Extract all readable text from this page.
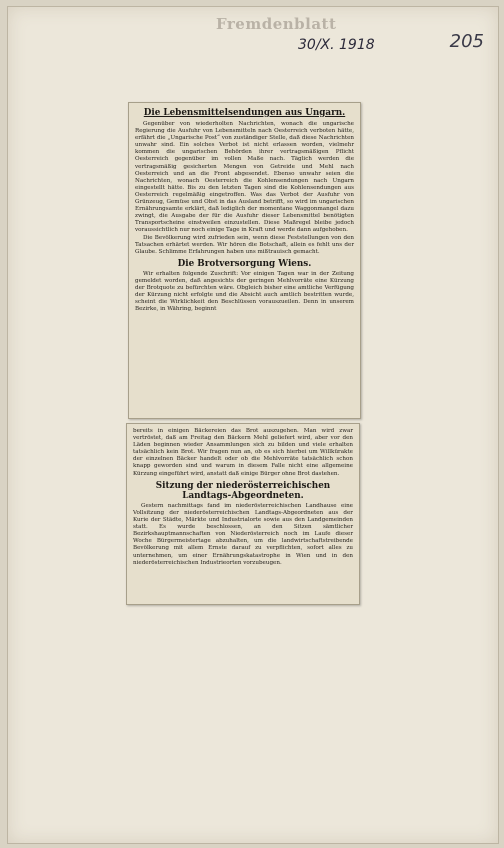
Fremdenblatt
30/X. 1918	205
Die Lebensmittelsendungen aus Ungarn.

Gegenüber von wiederholten Nachrichten, wonach die ungarische Regierung die Ausfuhr von Lebensmitteln nach Oesterreich verboten hätte, erfährt die „Ungarische Post“ von zuständiger Stelle, daß diese Nachrichten unwahr sind. Ein solches Verbot ist nicht erlassen worden, vielmehr kommen die ungarischen Behörden ihrer vertragsmäßigen Pflicht Oesterreich gegenüber im vollen Maße nach. Täglich werden die vertragsmäßig gesicherten Mengen von Getreide und Mehl nach Oesterreich und an die Front abgesendet. Ebenso unwahr seien die Nachrichten, wonach Oesterreich die Kohlensendungen nach Ungarn eingestellt hätte. Bis zu den letzten Tagen sind die Kohlensendungen aus Oesterreich regelmäßig eingetroffen. Was das Verbot der Ausfuhr von Grünzeug, Gemüse und Obst in das Ausland betrifft, so wird im ungarischen Ernährungsamte erklärt, daß lediglich der momentane Waggonmangel dazu zwingt, die Ausgabe der für die Ausfuhr dieser Lebensmittel benötigten Transportscheine einstweilen einzustellen. Diese Maßregel bleibe jedoch voraussichtlich nur noch einige Tage in Kraft und werde dann aufgehoben.

Die Bevölkerung wird zufrieden sein, wenn diese Feststellungen von den Tatsachen erhärtet werden. Wir hören die Botschaft, allein es fehlt uns der Glaube. Schlimme Erfahrungen haben uns mißtrauisch gemacht.

Die Brotversorgung Wiens.

Wir erhalten folgende Zuschrift: Vor einigen Tagen war in der Zeitung gemeldet worden, daß angesichts der geringen Mehlvorräte eine Kürzung der Brotquote zu befürchten wäre. Obgleich bisher eine amtliche Verfügung der Kürzung nicht erfolgte und die Absicht auch amtlich bestritten wurde, scheint die Wirklichkeit den Beschlüssen vorauszueilen. Denn in unserem Bezirke, in Währing, beginnt

bereits in einigen Bäckereien das Brot auszugehen. Man wird zwar vertröstet, daß am Freitag den Bäckern Mehl geliefert wird, aber vor den Läden beginnen wieder Ansammlungen sich zu bilden und viele erhalten tatsächlich kein Brot. Wir fragen nun an, ob es sich hierbei um Willkürakte der einzelnen Bäcker handelt oder ob die Mehlvorräte tatsächlich schon knapp geworden sind und warum in diesem Falle nicht eine allgemeine Kürzung eingeführt wird, anstatt daß einige Bürger ohne Brot dastehen.

Sitzung der niederösterreichischen Landtags-Abgeordneten.

Gestern nachmittags fand im niederösterreichischen Landhause eine Vollsitzung der niederösterreichischen Landtags-Abgeordneten aus der Kurie der Städte, Märkte und Industrialorte sowie aus den Landgemeinden statt. Es wurde beschlossen, an den Sitzen sämtlicher Bezirkshauptmannschaften von Niederösterreich noch im Laufe dieser Woche Bürgermeistertage abzuhalten, um die landwirtschaftstreibende Bevölkerung mit allem Ernste darauf zu verpflichten, sofort alles zu unternehmen, um einer Ernährungskatastrophe in Wien und in den niederösterreichischen Industrieorten vorzubeugen.
